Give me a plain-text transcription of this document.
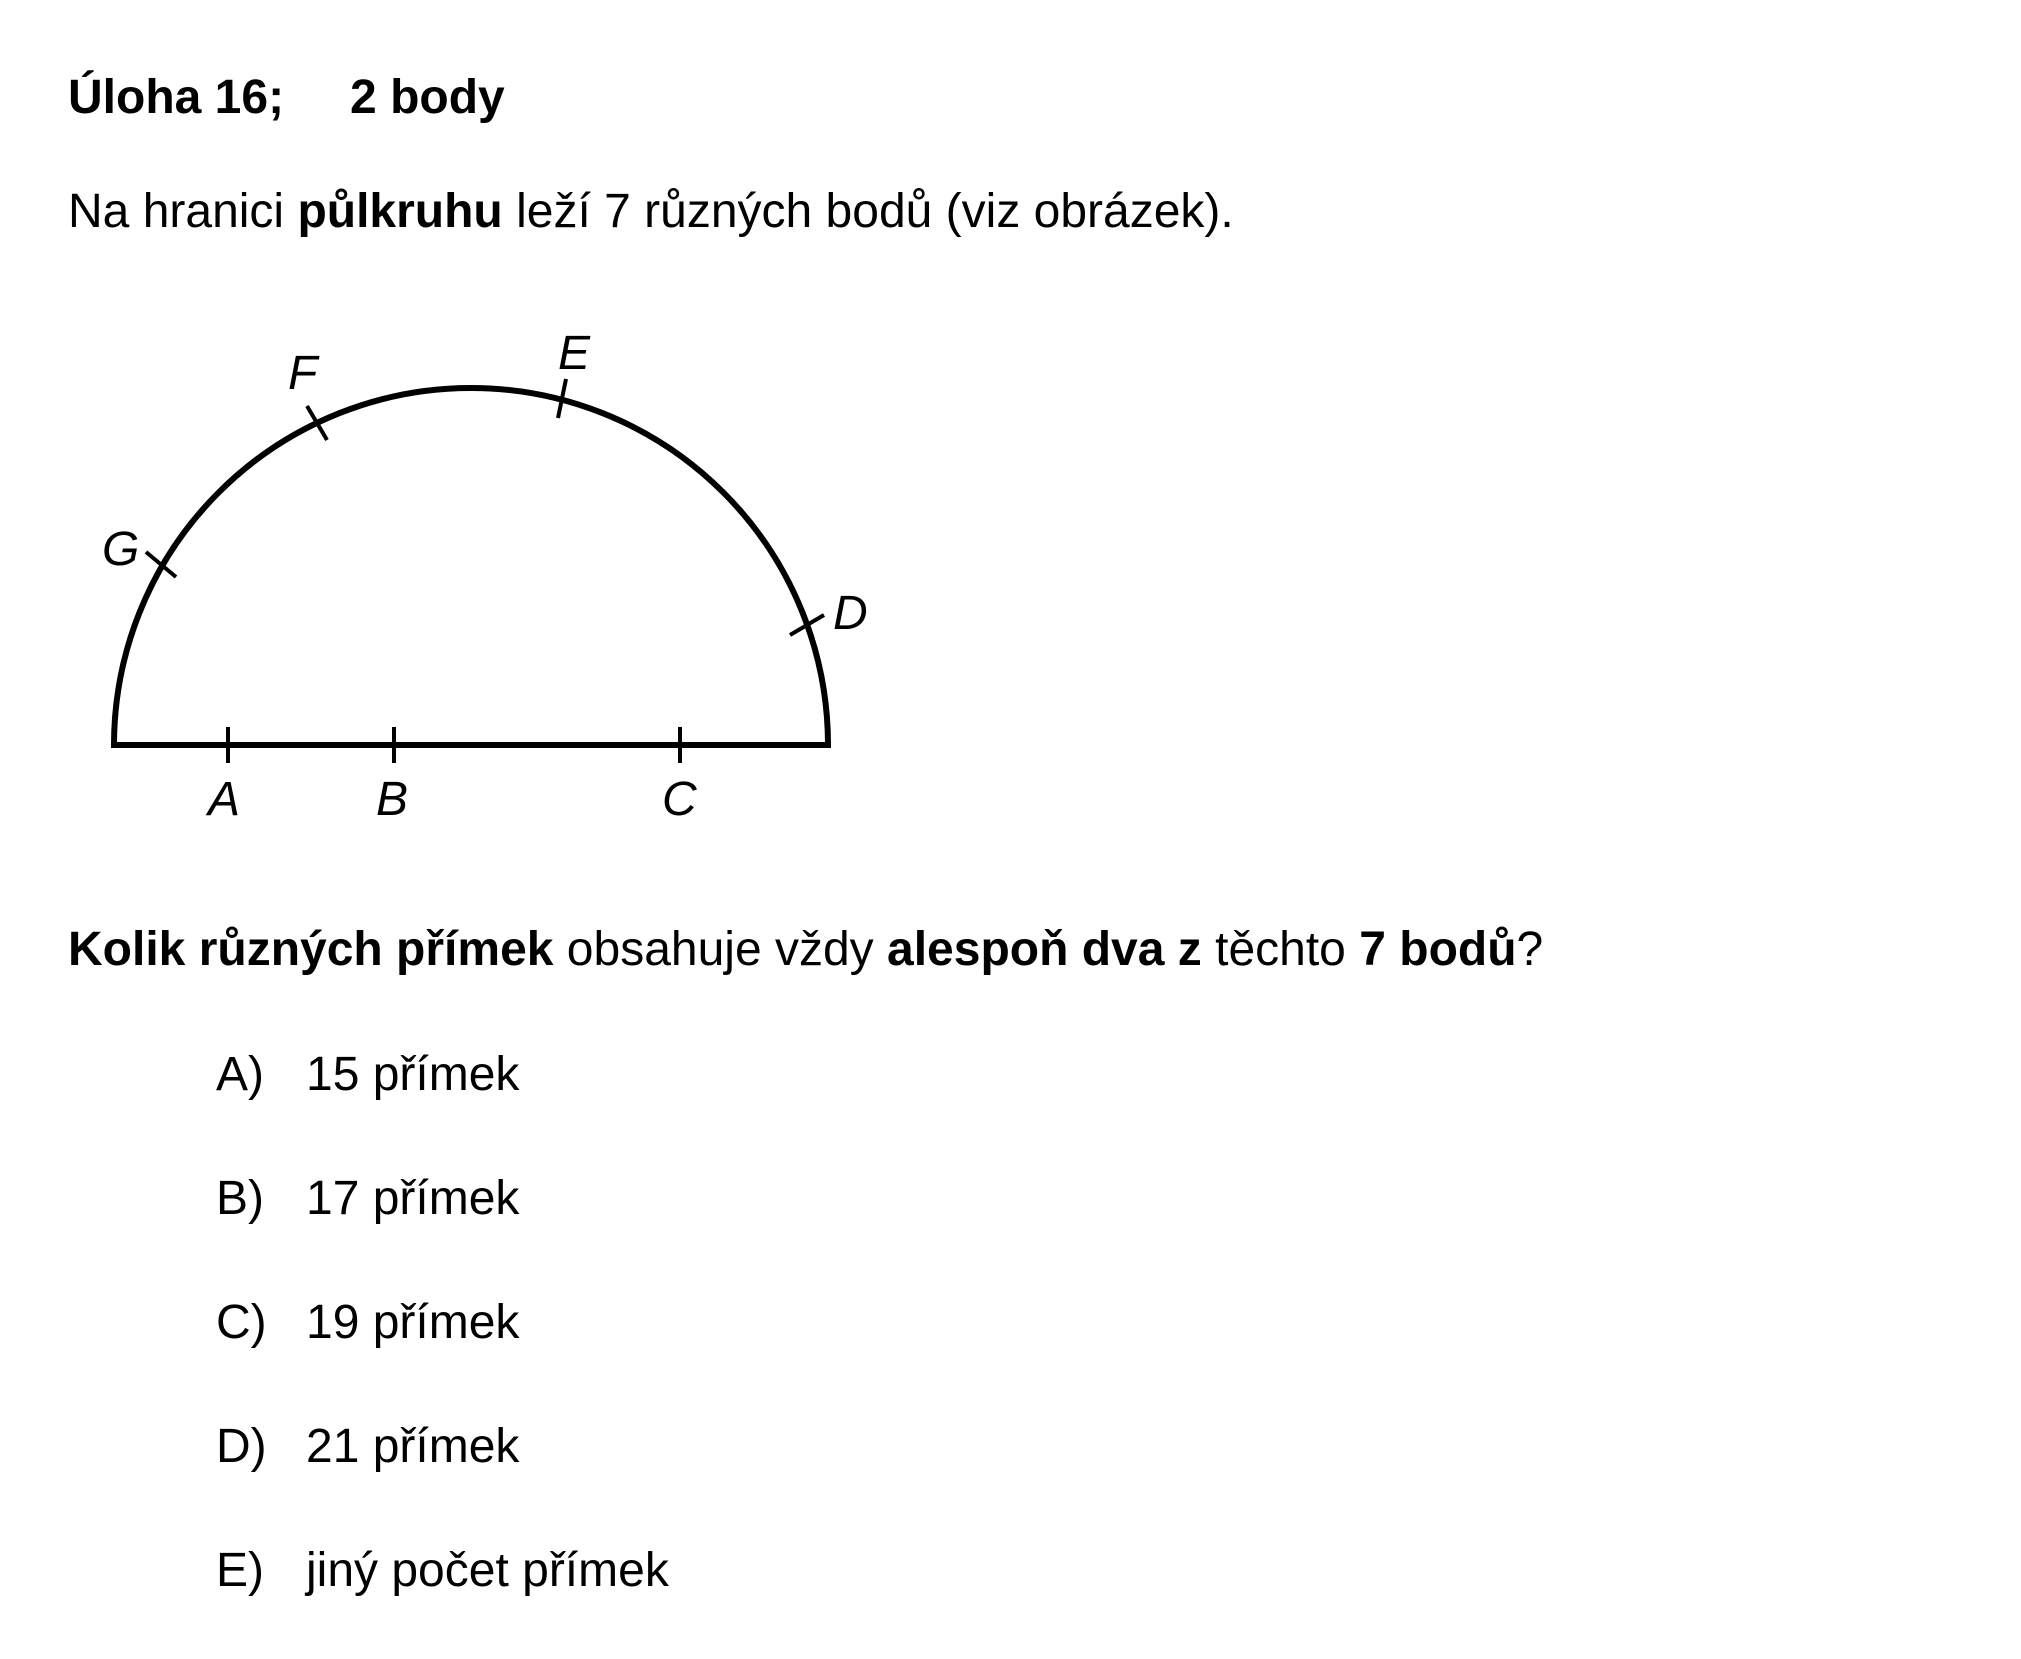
Úloha 16; 2 body
Na hranici půlkruhu leží 7 různých bodů (viz obrázek).
A	B	C
D
E
F
G
Kolik různých přímek obsahuje vždy alespoň dva z těchto 7 bodů?
A) 15 přímek
B) 17 přímek
C) 19 přímek
D) 21 přímek
E) jiný počet přímek
